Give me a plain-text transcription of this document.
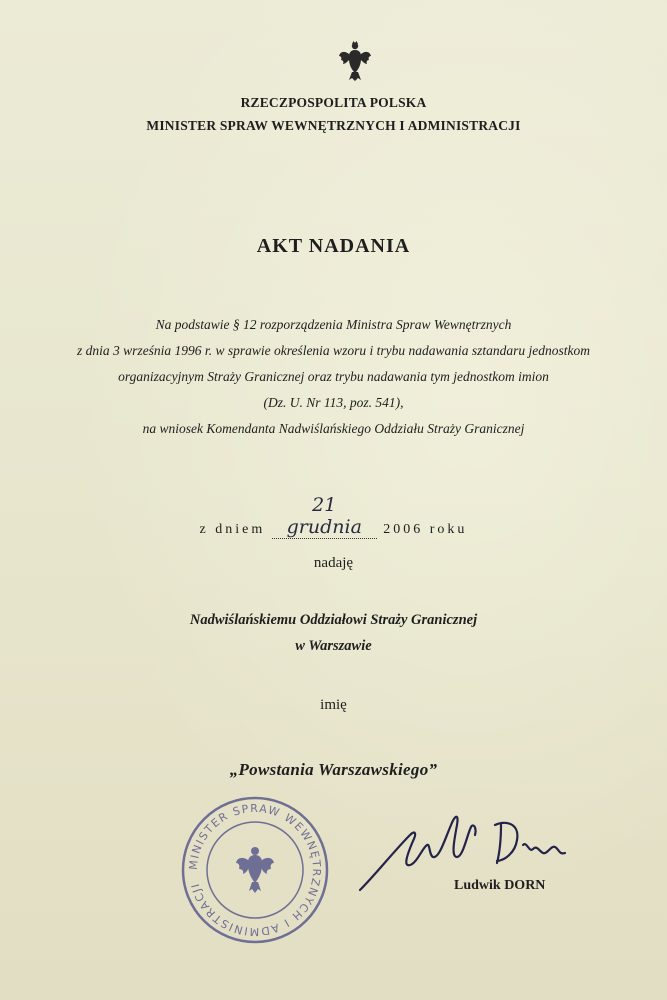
RZECZPOSPOLITA POLSKA
MINISTER SPRAW WEWNĘTRZNYCH I ADMINISTRACJI
AKT NADANIA
Na podstawie § 12 rozporządzenia Ministra Spraw Wewnętrznych
z dnia 3 września 1996 r. w sprawie określenia wzoru i trybu nadawania sztandaru jednostkom
organizacyjnym Straży Granicznej oraz trybu nadawania tym jednostkom imion
(Dz. U. Nr 113, poz. 541),
na wniosek Komendanta Nadwiślańskiego Oddziału Straży Granicznej
z dniem 21 grudnia 2006 roku
nadaję
Nadwiślańskiemu Oddziałowi Straży Granicznej
w Warszawie
imię
„Powstania Warszawskiego”
MINISTER SPRAW WEWNĘTRZNYCH I ADMINISTRACJI	Ludwik DORN
